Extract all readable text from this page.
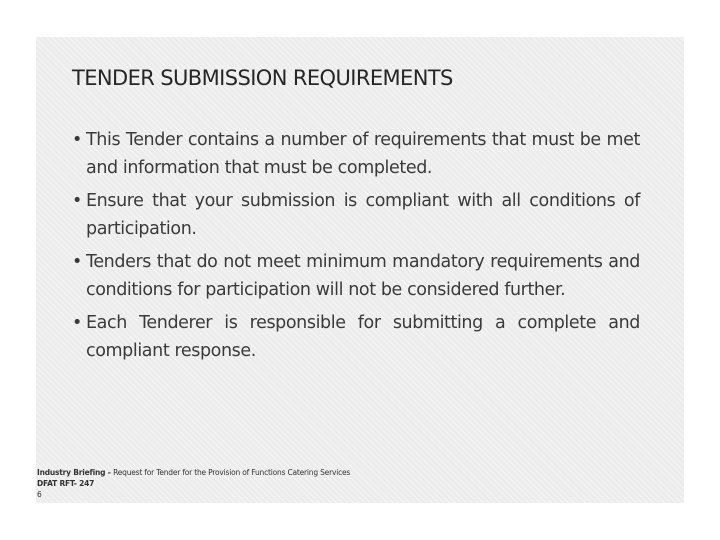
TENDER SUBMISSION REQUIREMENTS
• This Tender contains a number of requirements that must be met and information that must be completed.
• Ensure that your submission is compliant with all conditions of participation.
• Tenders that do not meet minimum mandatory requirements and conditions for participation will not be considered further.
• Each Tenderer is responsible for submitting a complete and compliant response.
Industry Briefing - Request for Tender for the Provision of Functions Catering Services
DFAT RFT- 247
6
